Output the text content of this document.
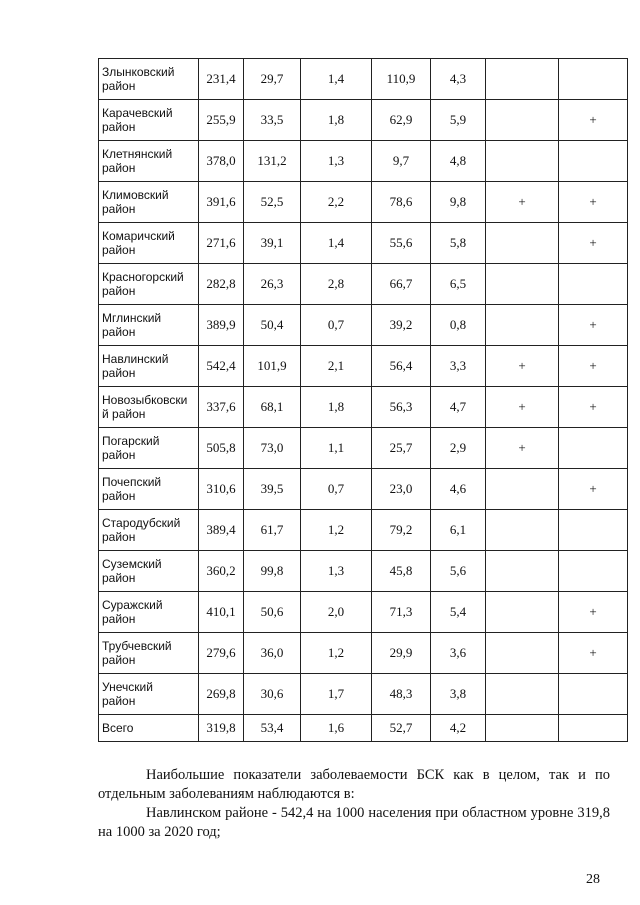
Злынковский
район	231,4	29,7	1,4	110,9	4,3		
Карачевский
район	255,9	33,5	1,8	62,9	5,9		+
Клетнянский
район	378,0	131,2	1,3	9,7	4,8		
Климовский
район	391,6	52,5	2,2	78,6	9,8	+	+
Комаричский
район	271,6	39,1	1,4	55,6	5,8		+
Красногорский
район	282,8	26,3	2,8	66,7	6,5		
Мглинский
район	389,9	50,4	0,7	39,2	0,8		+
Навлинский
район	542,4	101,9	2,1	56,4	3,3	+	+
Новозыбковски
й район	337,6	68,1	1,8	56,3	4,7	+	+
Погарский
район	505,8	73,0	1,1	25,7	2,9	+	
Почепский
район	310,6	39,5	0,7	23,0	4,6		+
Стародубский
район	389,4	61,7	1,2	79,2	6,1		
Суземский
район	360,2	99,8	1,3	45,8	5,6		
Суражский
район	410,1	50,6	2,0	71,3	5,4		+
Трубчевский
район	279,6	36,0	1,2	29,9	3,6		+
Унечский
район	269,8	30,6	1,7	48,3	3,8		
Всего	319,8	53,4	1,6	52,7	4,2		
Наибольшие показатели заболеваемости БСК как в целом, так и по отдельным заболеваниям наблюдаются в:
Навлинском районе - 542,4 на 1000 населения при областном уровне 319,8 на 1000 за 2020 год;
28
